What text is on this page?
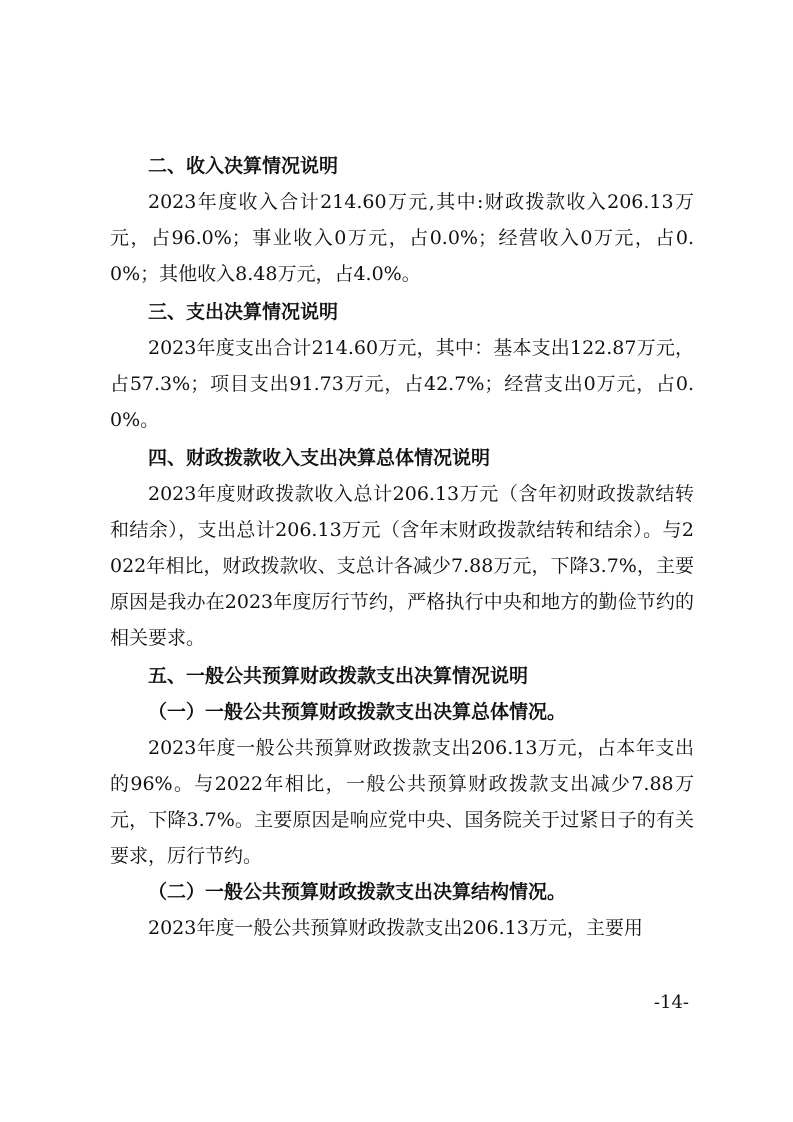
二、收入决算情况说明

2023年度收入合计214.60万元,其中:财政拨款收入206.13万元，占96.0%；事业收入0万元，占0.0%；经营收入0万元，占0.0%；其他收入8.48万元，占4.0%。

三、支出决算情况说明

2023年度支出合计214.60万元，其中：基本支出122.87万元，占57.3%；项目支出91.73万元，占42.7%；经营支出0万元，占0.0%。

四、财政拨款收入支出决算总体情况说明

2023年度财政拨款收入总计206.13万元（含年初财政拨款结转和结余），支出总计206.13万元（含年末财政拨款结转和结余）。与2022年相比，财政拨款收、支总计各减少7.88万元，下降3.7%，主要原因是我办在2023年度厉行节约，严格执行中央和地方的勤俭节约的相关要求。

五、一般公共预算财政拨款支出决算情况说明

（一）一般公共预算财政拨款支出决算总体情况。

2023年度一般公共预算财政拨款支出206.13万元，占本年支出的96%。与2022年相比，一般公共预算财政拨款支出减少7.88万元，下降3.7%。主要原因是响应党中央、国务院关于过紧日子的有关要求，厉行节约。

（二）一般公共预算财政拨款支出决算结构情况。

2023年度一般公共预算财政拨款支出206.13万元，主要用

-14-
